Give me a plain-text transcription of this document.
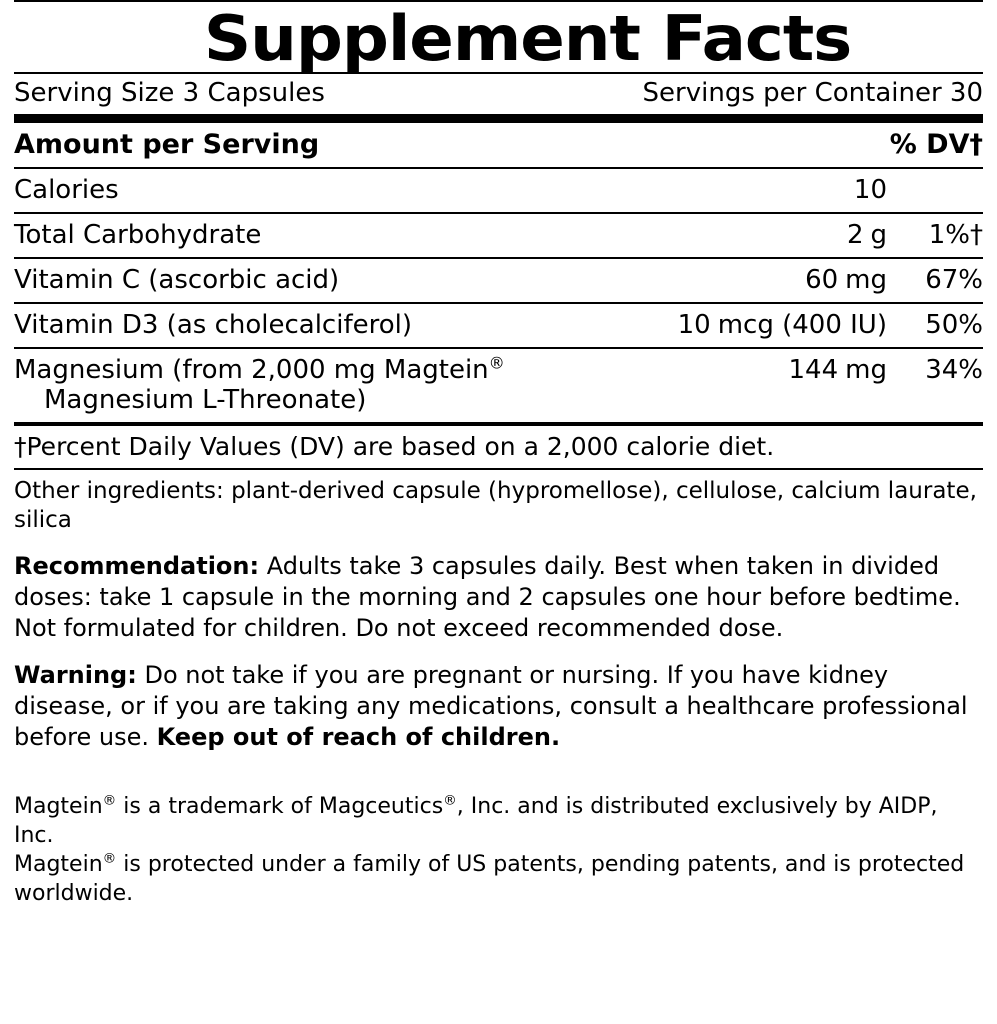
Supplement Facts
Serving Size 3 Capsules	Servings per Container 30
Amount per Serving		% DV†
Calories	10	
Total Carbohydrate	2 g	1%†
Vitamin C (ascorbic acid)	60 mg	67%
Vitamin D3 (as cholecalciferol)	10 mcg (400 IU)	50%
Magnesium (from 2,000 mg Magtein®
Magnesium L-Threonate)	144 mg	34%
†Percent Daily Values (DV) are based on a 2,000 calorie diet.
Other ingredients: plant-derived capsule (hypromellose), cellulose, calcium laurate, silica
Recommendation: Adults take 3 capsules daily. Best when taken in divided doses: take 1 capsule in the morning and 2 capsules one hour before bedtime. Not formulated for children. Do not exceed recommended dose.
Warning: Do not take if you are pregnant or nursing. If you have kidney disease, or if you are taking any medications, consult a healthcare professional before use. Keep out of reach of children.
Magtein® is a trademark of Magceutics®, Inc. and is distributed exclusively by AIDP, Inc.
Magtein® is protected under a family of US patents, pending patents, and is protected worldwide.
